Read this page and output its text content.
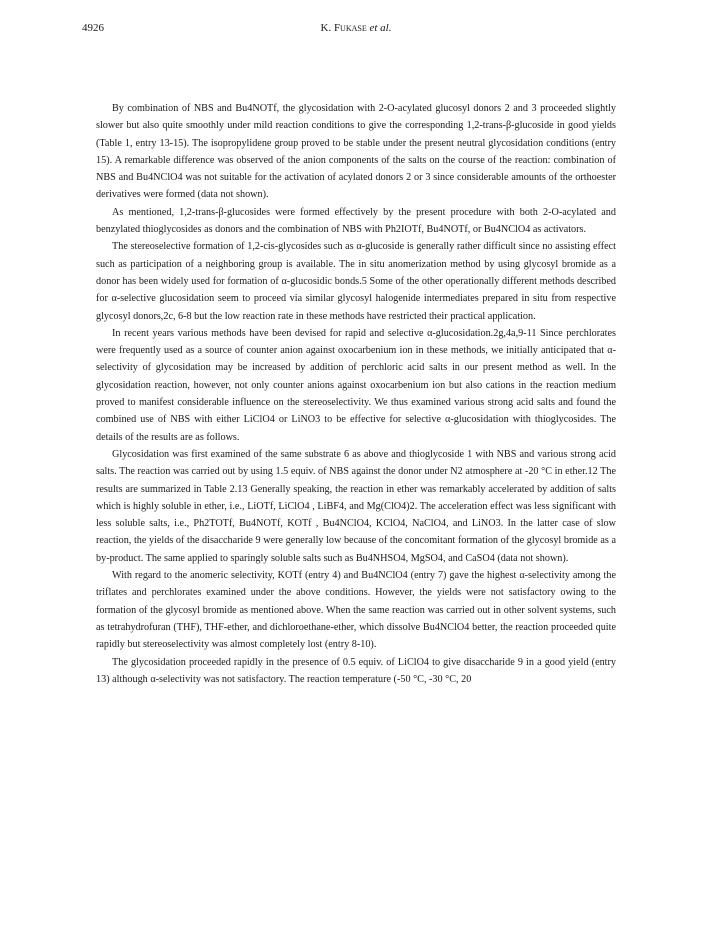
4926	K. Fukase et al.

By combination of NBS and Bu4NOTf, the glycosidation with 2-O-acylated glucosyl donors 2 and 3 proceeded slightly slower but also quite smoothly under mild reaction conditions to give the corresponding 1,2-trans-β-glucoside in good yields (Table 1, entry 13-15). The isopropylidene group proved to be stable under the present neutral glycosidation conditions (entry 15). A remarkable difference was observed of the anion components of the salts on the course of the reaction: combination of NBS and Bu4NClO4 was not suitable for the activation of acylated donors 2 or 3 since considerable amounts of the orthoester derivatives were formed (data not shown).

As mentioned, 1,2-trans-β-glucosides were formed effectively by the present procedure with both 2-O-acylated and benzylated thioglycosides as donors and the combination of NBS with Ph2IOTf, Bu4NOTf, or Bu4NClO4 as activators.

The stereoselective formation of 1,2-cis-glycosides such as α-glucoside is generally rather difficult since no assisting effect such as participation of a neighboring group is available. The in situ anomerization method by using glycosyl bromide as a donor has been widely used for formation of α-glucosidic bonds.5 Some of the other operationally different methods described for α-selective glucosidation seem to proceed via similar glycosyl halogenide intermediates prepared in situ from respective glycosyl donors,2c, 6-8 but the low reaction rate in these methods have restricted their practical application.

In recent years various methods have been devised for rapid and selective α-glucosidation.2g,4a,9-11 Since perchlorates were frequently used as a source of counter anion against oxocarbenium ion in these methods, we initially anticipated that α-selectivity of glycosidation may be increased by addition of perchloric acid salts in our present method as well. In the glycosidation reaction, however, not only counter anions against oxocarbenium ion but also cations in the reaction medium proved to manifest considerable influence on the stereoselectivity. We thus examined various strong acid salts and found the combined use of NBS with either LiClO4 or LiNO3 to be effective for selective α-glucosidation with thioglycosides. The details of the results are as follows.

Glycosidation was first examined of the same substrate 6 as above and thioglycoside 1 with NBS and various strong acid salts. The reaction was carried out by using 1.5 equiv. of NBS against the donor under N2 atmosphere at -20 °C in ether.12 The results are summarized in Table 2.13 Generally speaking, the reaction in ether was remarkably accelerated by addition of salts which is highly soluble in ether, i.e., LiOTf, LiClO4 , LiBF4, and Mg(ClO4)2. The acceleration effect was less significant with less soluble salts, i.e., Ph2TOTf, Bu4NOTf, KOTf , Bu4NClO4, KClO4, NaClO4, and LiNO3. In the latter case of slow reaction, the yields of the disaccharide 9 were generally low because of the concomitant formation of the glycosyl bromide as a by-product. The same applied to sparingly soluble salts such as Bu4NHSO4, MgSO4, and CaSO4 (data not shown).

With regard to the anomeric selectivity, KOTf (entry 4) and Bu4NClO4 (entry 7) gave the highest α-selectivity among the triflates and perchlorates examined under the above conditions. However, the yields were not satisfactory owing to the formation of the glycosyl bromide as mentioned above. When the same reaction was carried out in other solvent systems, such as tetrahydrofuran (THF), THF-ether, and dichloroethane-ether, which dissolve Bu4NClO4 better, the reaction proceeded quite rapidly but stereoselectivity was almost completely lost (entry 8-10).

The glycosidation proceeded rapidly in the presence of 0.5 equiv. of LiClO4 to give disaccharide 9 in a good yield (entry 13) although α-selectivity was not satisfactory. The reaction temperature (-50 °C, -30 °C, 20
